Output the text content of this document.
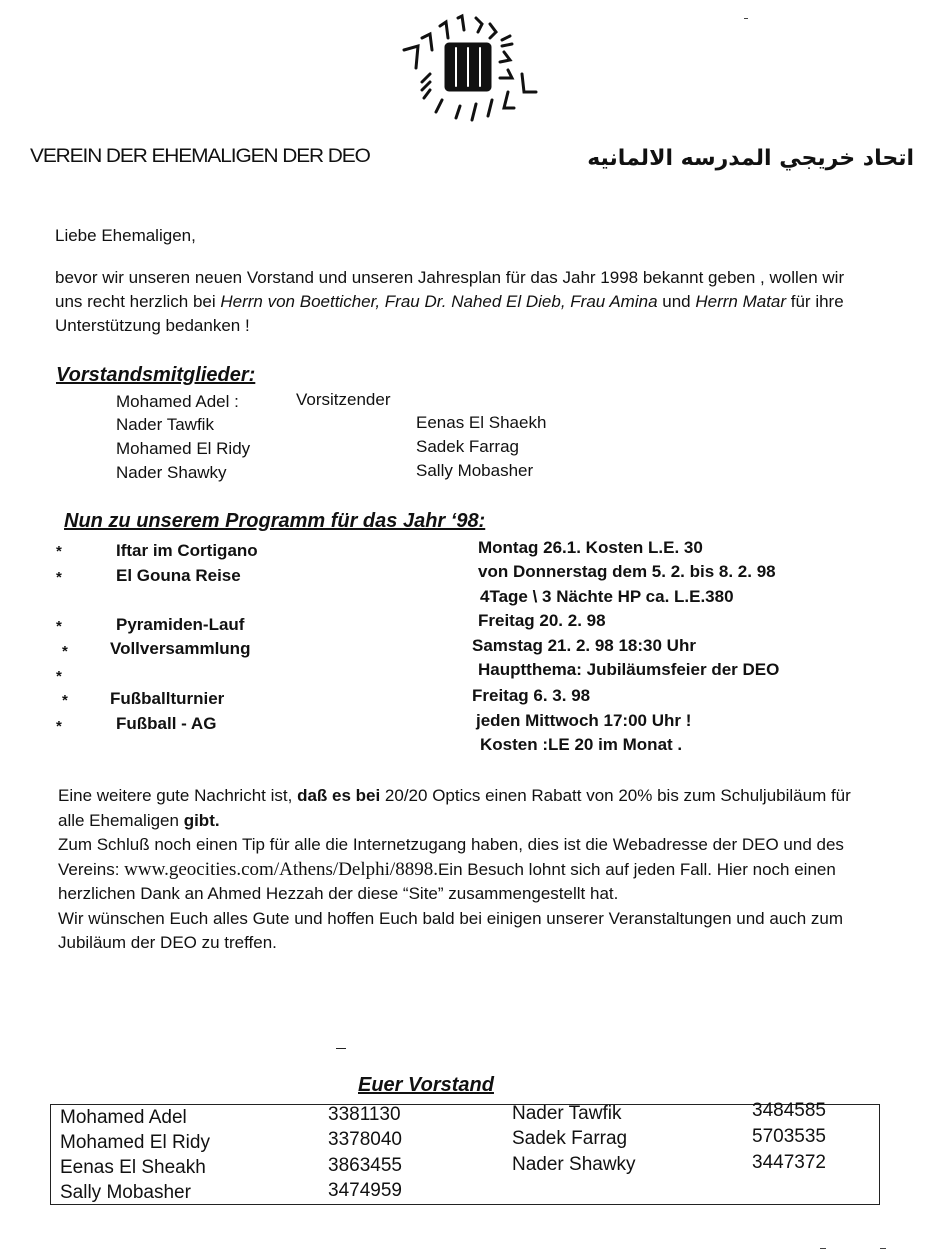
VEREIN DER EHEMALIGEN DER DEO	اتحاد خريجي المدرسه الالمانيه
Liebe Ehemaligen,
bevor wir unseren neuen Vorstand und unseren Jahresplan für das Jahr 1998 bekannt geben , wollen wir uns recht herzlich bei Herrn von Boetticher, Frau Dr. Nahed El Dieb, Frau Amina und Herrn Matar für ihre Unterstützung bedanken !
Vorstandsmitglieder:
Mohamed Adel :	Vorsitzender
Nader Tawfik
Mohamed El Ridy
Nader Shawky
Eenas El Shaekh
Sadek Farrag
Sally Mobasher
Nun zu unserem Programm für das Jahr ‘98:
*	Iftar im Cortigano	Montag 26.1. Kosten L.E. 30
*	El Gouna Reise	von Donnerstag dem 5. 2. bis 8. 2. 98
4Tage \ 3 Nächte HP ca. L.E.380
*	Pyramiden-Lauf	Freitag 20. 2. 98
* Vollversammlung	Samstag 21. 2. 98 18:30 Uhr
*	Hauptthema: Jubiläumsfeier der DEO
* Fußballturnier	Freitag 6. 3. 98
*	Fußball - AG	jeden Mittwoch 17:00 Uhr !
Kosten :LE 20 im Monat .
Eine weitere gute Nachricht ist, daß es bei 20/20 Optics einen Rabatt von 20% bis zum Schuljubiläum für alle Ehemaligen gibt.
Zum Schluß noch einen Tip für alle die Internetzugang haben, dies ist die Webadresse der DEO und des Vereins: www.geocities.com/Athens/Delphi/8898.Ein Besuch lohnt sich auf jeden Fall. Hier noch einen herzlichen Dank an Ahmed Hezzah der diese “Site” zusammengestellt hat.
Wir wünschen Euch alles Gute und hoffen Euch bald bei einigen unserer Veranstaltungen und auch zum Jubiläum der DEO zu treffen.
Euer Vorstand
Mohamed Adel	3381130
Mohamed El Ridy	3378040
Eenas El Sheakh	3863455
Sally Mobasher	3474959
Nader Tawfik	3484585
Sadek Farrag	5703535
Nader Shawky	3447372
